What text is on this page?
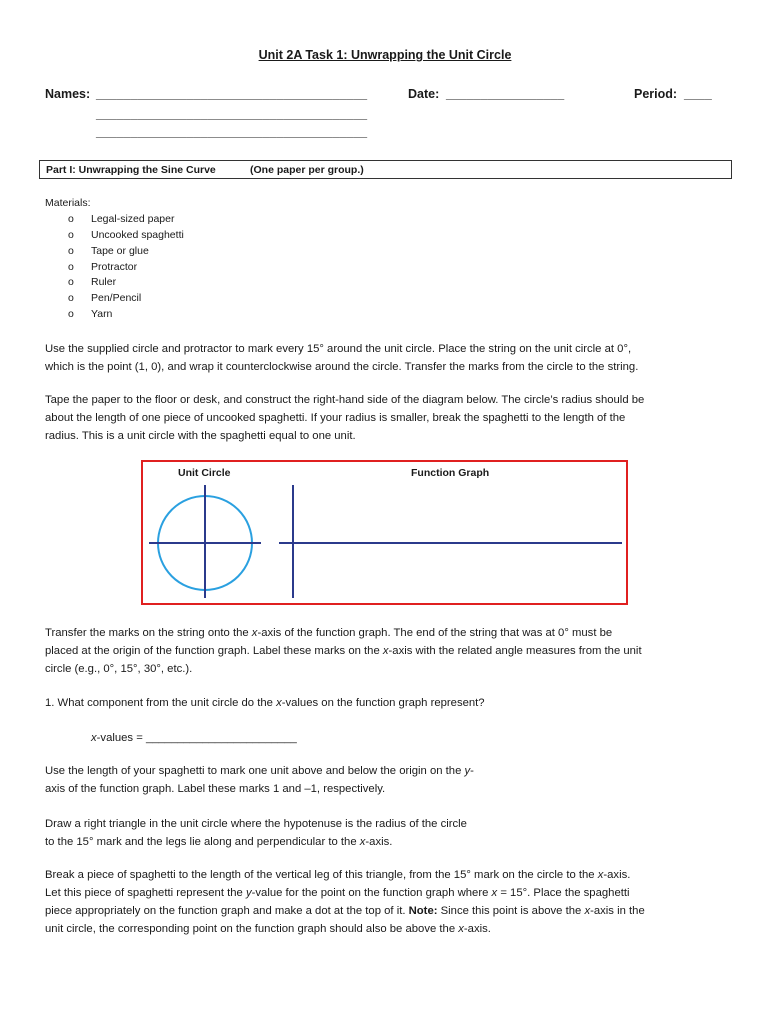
Unit 2A Task 1: Unwrapping the Unit Circle
Names: _______________________________________
_______________________________________
_______________________________________
Date: _________________	Period: ____
Part I: Unwrapping the Sine Curve	(One paper per group.)
Materials:
o Legal-sized paper
o Uncooked spaghetti
o Tape or glue
o Protractor
o Ruler
o Pen/Pencil
o Yarn
Use the supplied circle and protractor to mark every 15° around the unit circle. Place the string on the unit circle at 0°,
which is the point (1, 0), and wrap it counterclockwise around the circle. Transfer the marks from the circle to the string.
Tape the paper to the floor or desk, and construct the right-hand side of the diagram below. The circle’s radius should be
about the length of one piece of uncooked spaghetti. If your radius is smaller, break the spaghetti to the length of the
radius. This is a unit circle with the spaghetti equal to one unit.
Unit Circle	Function Graph
Transfer the marks on the string onto the x-axis of the function graph. The end of the string that was at 0° must be
placed at the origin of the function graph. Label these marks on the x-axis with the related angle measures from the unit
circle (e.g., 0°, 15°, 30°, etc.).
1. What component from the unit circle do the x-values on the function graph represent?
x-values = ________________________
Use the length of your spaghetti to mark one unit above and below the origin on the y-
axis of the function graph. Label these marks 1 and –1, respectively.
Draw a right triangle in the unit circle where the hypotenuse is the radius of the circle
to the 15° mark and the legs lie along and perpendicular to the x-axis.
Break a piece of spaghetti to the length of the vertical leg of this triangle, from the 15° mark on the circle to the x-axis.
Let this piece of spaghetti represent the y-value for the point on the function graph where x = 15°. Place the spaghetti
piece appropriately on the function graph and make a dot at the top of it. Note: Since this point is above the x-axis in the
unit circle, the corresponding point on the function graph should also be above the x-axis.
